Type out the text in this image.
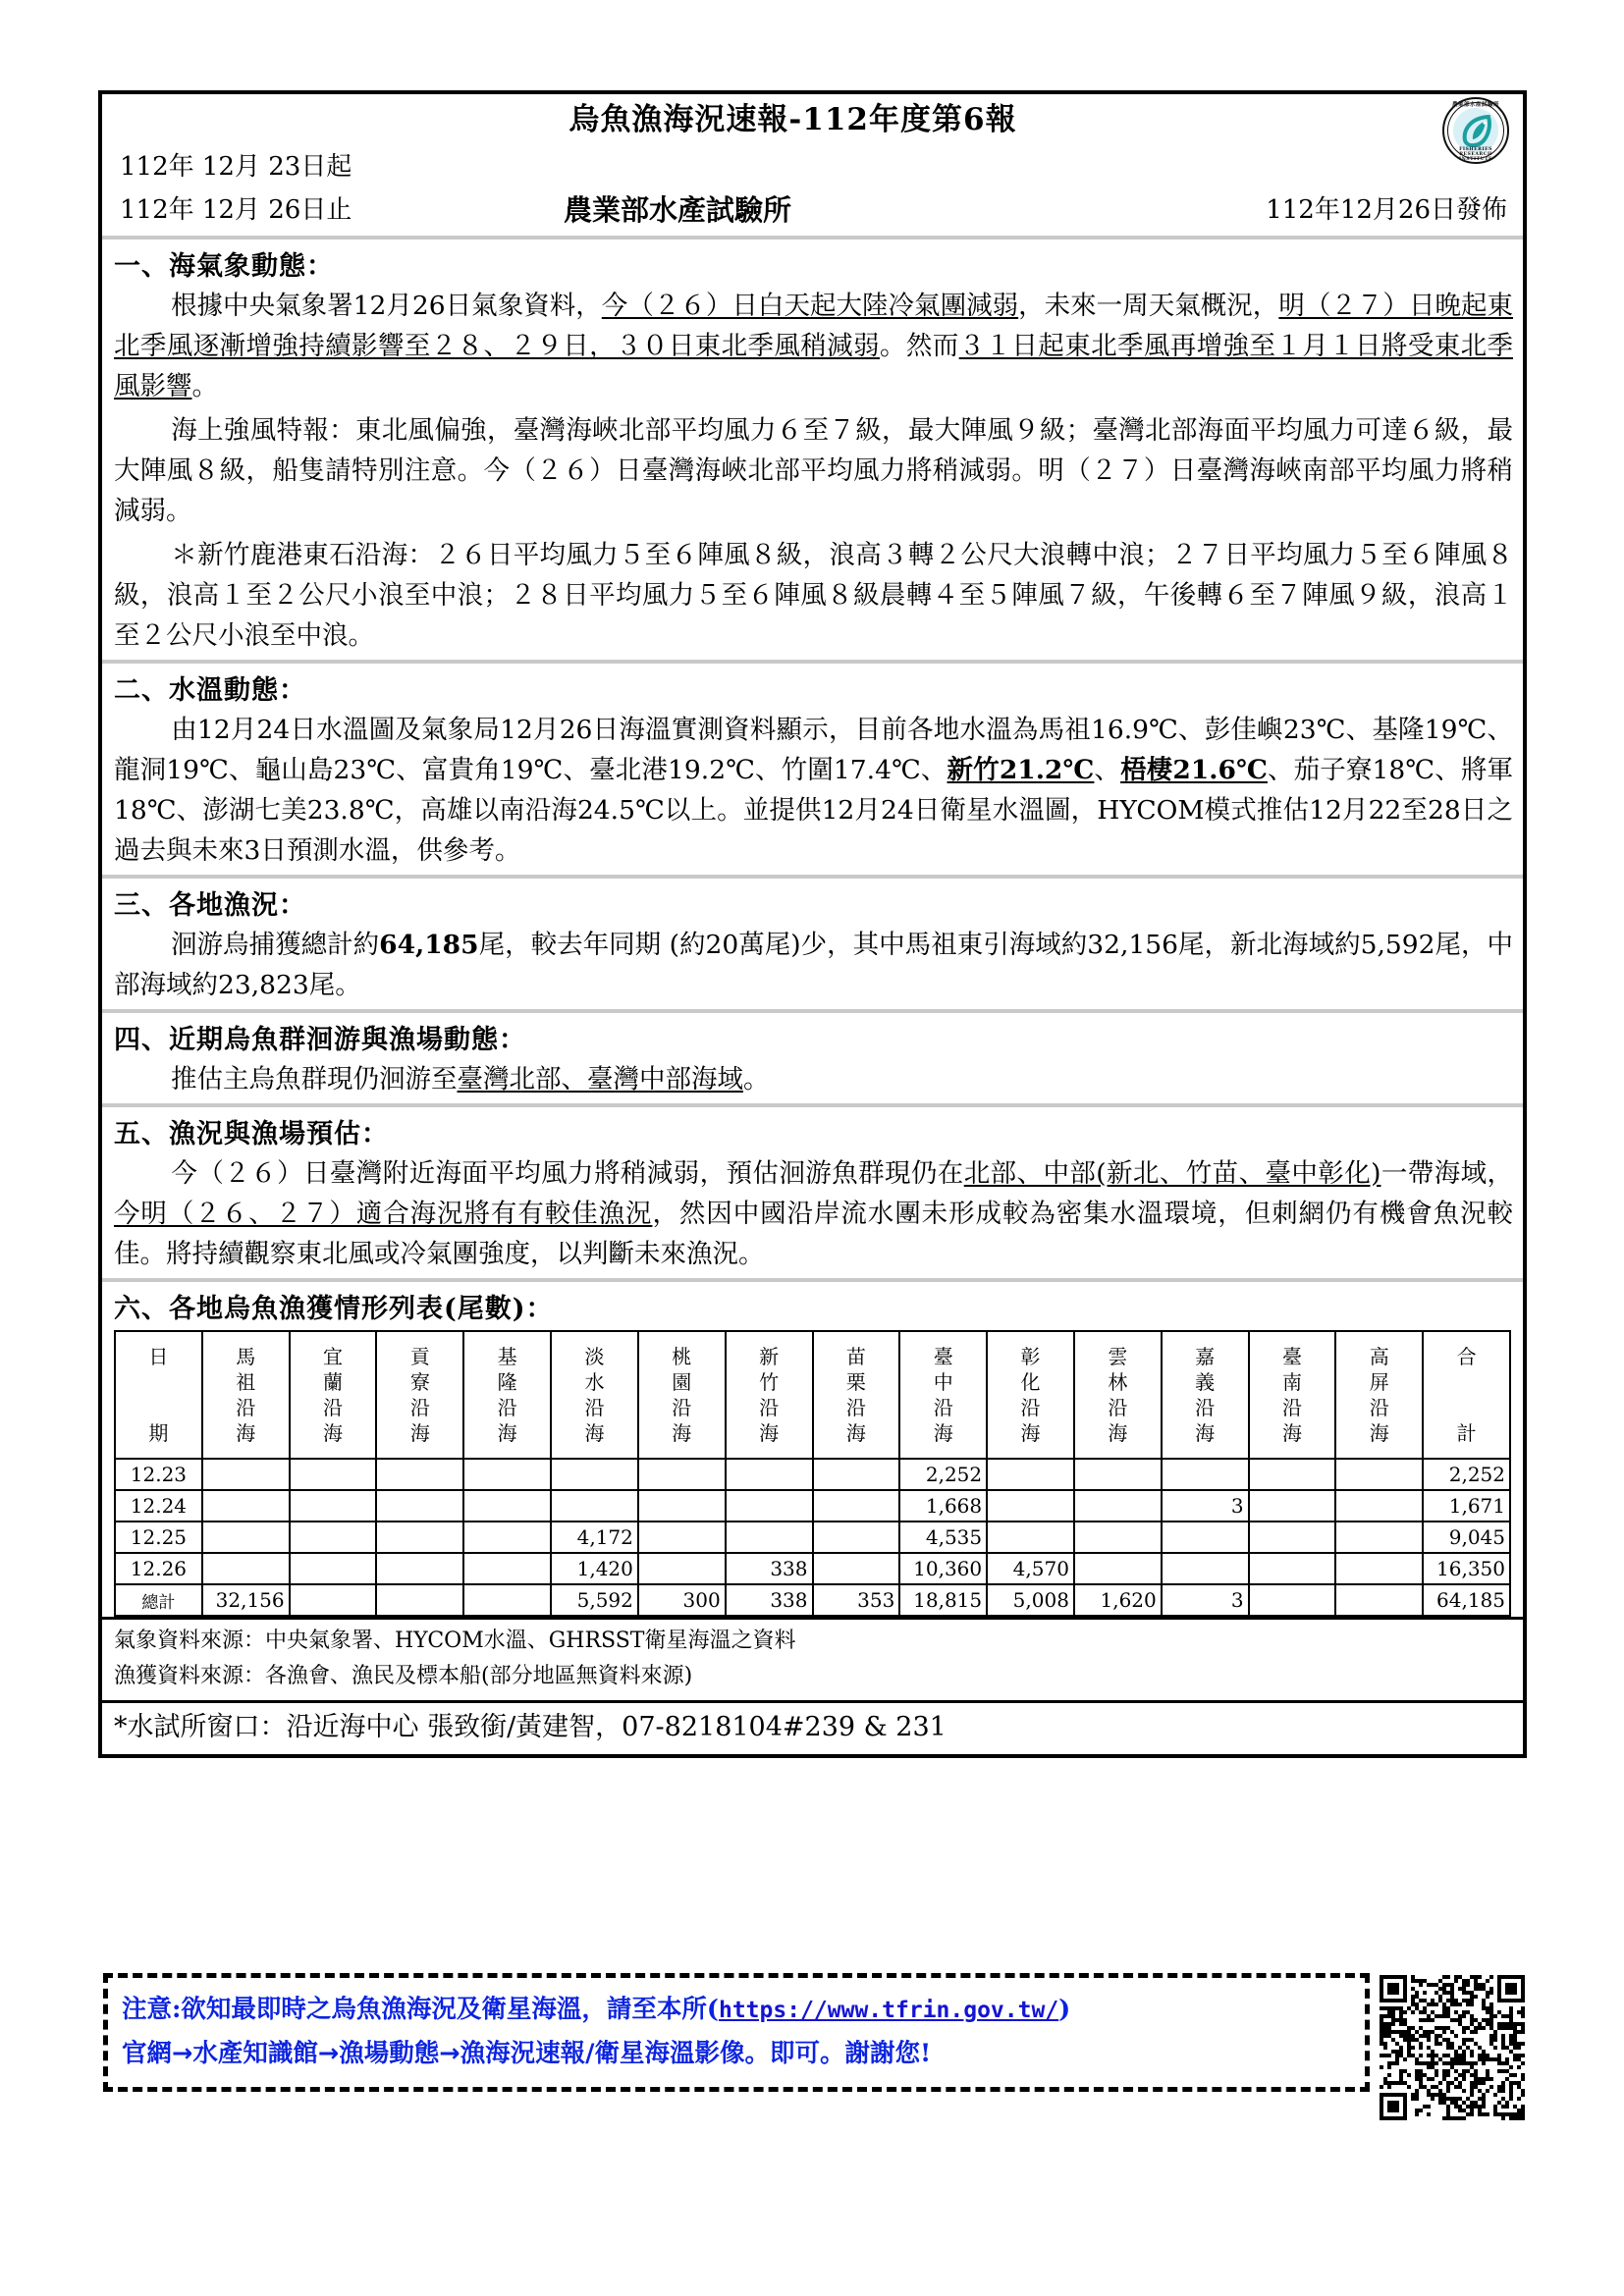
烏魚漁海況速報-112年度第6報	農業部水產試驗所
FISHERIES RESEARCH INSTITUTE
112年 12月 23日起
112年 12月 26日止	農業部水產試驗所	112年12月26日發佈
一、海氣象動態：
根據中央氣象署12月26日氣象資料，今（２６）日白天起大陸冷氣團減弱，未來一周天氣概況，明（２７）日晚起東北季風逐漸增強持續影響至２８、２９日，３０日東北季風稍減弱。然而３１日起東北季風再增強至１月１日將受東北季風影響。
海上強風特報：東北風偏強，臺灣海峽北部平均風力６至７級，最大陣風９級；臺灣北部海面平均風力可達６級，最大陣風８級，船隻請特別注意。今（２６）日臺灣海峽北部平均風力將稍減弱。明（２７）日臺灣海峽南部平均風力將稍減弱。
＊新竹鹿港東石沿海：２６日平均風力５至６陣風８級，浪高３轉２公尺大浪轉中浪；２７日平均風力５至６陣風８級，浪高１至２公尺小浪至中浪；２８日平均風力５至６陣風８級晨轉４至５陣風７級，午後轉６至７陣風９級，浪高１至２公尺小浪至中浪。
二、水溫動態：
由12月24日水溫圖及氣象局12月26日海溫實測資料顯示，目前各地水溫為馬祖16.9℃、彭佳嶼23℃、基隆19℃、龍洞19℃、龜山島23℃、富貴角19℃、臺北港19.2℃、竹圍17.4℃、新竹21.2℃、梧棲21.6℃、茄子寮18℃、將軍18℃、澎湖七美23.8℃，高雄以南沿海24.5℃以上。並提供12月24日衛星水溫圖，HYCOM模式推估12月22至28日之過去與未來3日預測水溫，供參考。
三、各地漁況：
洄游烏捕獲總計約64,185尾，較去年同期 (約20萬尾)少，其中馬祖東引海域約32,156尾，新北海域約5,592尾，中部海域約23,823尾。
四、近期烏魚群洄游與漁場動態：
推估主烏魚群現仍洄游至臺灣北部、臺灣中部海域。
五、漁況與漁場預估：
今（２６）日臺灣附近海面平均風力將稍減弱，預估洄游魚群現仍在北部、中部(新北、竹苗、臺中彰化)一帶海域，今明（２６、２７）適合海況將有有較佳漁況，然因中國沿岸流水團未形成較為密集水溫環境，但刺網仍有機會魚況較佳。將持續觀察東北風或冷氣團強度，以判斷未來漁況。
六、各地烏魚漁獲情形列表(尾數)：
日

期	馬
祖
沿
海	宜
蘭
沿
海	貢
寮
沿
海	基
隆
沿
海	淡
水
沿
海	桃
園
沿
海	新
竹
沿
海	苗
栗
沿
海	臺
中
沿
海	彰
化
沿
海	雲
林
沿
海	嘉
義
沿
海	臺
南
沿
海	高
屏
沿
海	合

計

12.23									2,252						2,252
12.24									1,668			3			1,671
12.25					4,172				4,535						9,045
12.26					1,420		338		10,360	4,570					16,350
總計	32,156				5,592	300	338	353	18,815	5,008	1,620	3			64,185
氣象資料來源：中央氣象署、HYCOM水溫、GHRSST衛星海溫之資料
漁獲資料來源：各漁會、漁民及標本船(部分地區無資料來源)
*水試所窗口：沿近海中心 張致銜/黃建智，07-8218104#239 & 231
注意:欲知最即時之烏魚漁海況及衛星海溫，請至本所(https://www.tfrin.gov.tw/)
官網→水產知識館→漁場動態→漁海況速報/衛星海溫影像。即可。謝謝您!
